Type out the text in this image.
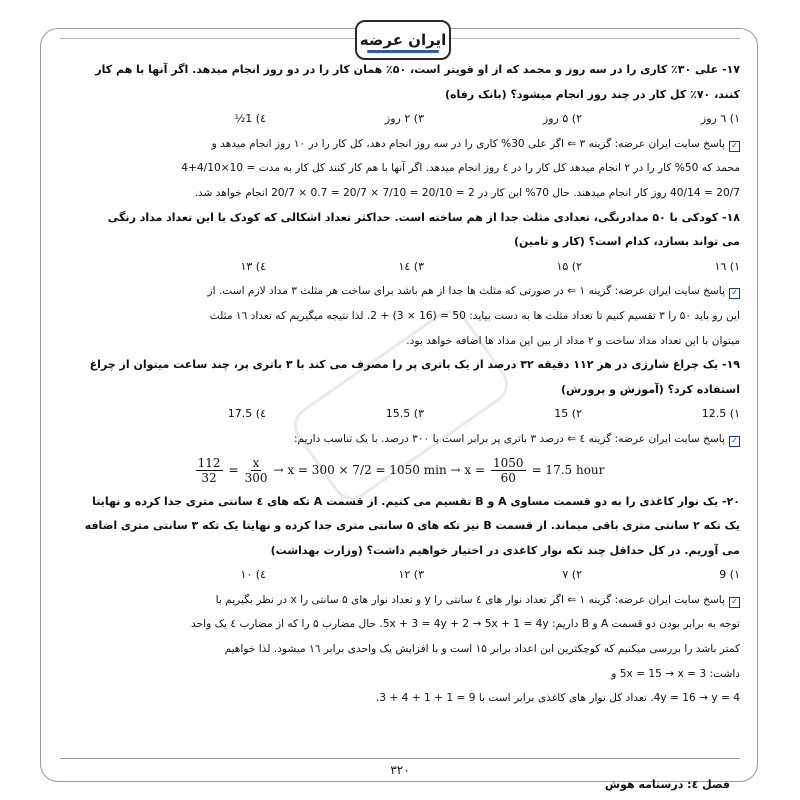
ایران عرضه
۱۷- علی ۳۰٪ کاری را در سه روز و محمد که از او قویتر است، ۵۰٪ همان کار را در دو روز انجام میدهد. اگر آنها با هم کار
کنند، ۷۰٪ کل کار در چند روز انجام میشود؟ (بانک رفاه)
۱) ٦ روز
۲) ۵ روز
۳) ۲ روز
٤) 1½
✓پاسخ سایت ایران عرضه: گزینه ۳ ⇐ اگر علی 30% کاری را در سه روز انجام دهد، کل کار را در ۱۰ روز انجام میدهد و
محمد که 50% کار را در ۲ انجام میدهد کل کار را در ٤ روز انجام میدهد. اگر آنها با هم کار کنند کل کار به مدت = 10×4/10+4
20/7 = 40/14 روز کار انجام میدهند. حال 70% این کار در 2 = 20/10 = 7/10 × 20/7 = 0.7 × 20/7 انجام خواهد شد.
۱۸- کودکی با ۵۰ مدادرنگی، تعدادی مثلث جدا از هم ساخته است. حداکثر تعداد اشکالی که کودک با این تعداد مداد رنگی
می تواند بسازد، کدام است؟ (کار و تامین)
۱) ۱٦
۲) ۱۵
۳) ۱٤
٤) ۱۳
✓پاسخ سایت ایران عرضه: گزینه ۱ ⇐ در صورتی که مثلث ها جدا از هم باشد برای ساخت هر مثلث ۳ مداد لازم است. از
این رو باید ۵۰ را ۳ تقسیم کنیم تا تعداد مثلث ها به دست بیاید: 50 = (16 × 3) + 2. لذا نتیجه میگیریم که تعداد ۱٦ مثلث
میتوان با این تعداد مداد ساخت و ۲ مداد از بین این مداد ها اضافه خواهد بود.
۱۹- یک چراغ شارژی در هر ۱۱۲ دقیقه ۳۲ درصد از یک باتری پر را مصرف می کند با ۳ باتری پر، چند ساعت میتوان از چراغ
استفاده کرد؟ (آموزش و پرورش)
۱) 12.5
۲) 15
۳) 15.5
٤) 17.5
✓پاسخ سایت ایران عرضه: گزینه ٤ ⇐ درصد ۳ باتری پر برابر است با ۳۰۰ درصد. با یک تناسب داریم:
$\frac{112}{32} = \frac{x}{300} \to x = 300 \times 7/2 = 1050$ $\min \to x = \frac{1050}{60} = 17.5$ hour
۲۰- یک نوار کاغذی را به دو قسمت مساوی A و B تقسیم می کنیم. از قسمت A تکه های ٤ سانتی متری جدا کرده و نهایتا
یک تکه ۲ سانتی متری باقی میماند. از قسمت B نیز تکه های ۵ سانتی متری جدا کرده و نهایتا یک تکه ۳ سانتی متری اضافه
می آوریم. در کل حداقل چند تکه نوار کاغذی در اختیار خواهیم داشت؟ (وزارت بهداشت)
۱) 9
۲) ۷
۳) ۱۲
٤) ۱۰
✓پاسخ سایت ایران عرضه: گزینه ۱ ⇐ اگر تعداد نوار های ٤ سانتی را y و تعداد نوار های ۵ سانتی را x در نظر بگیریم با
توجه به برابر بودن دو قسمت A و B داریم: 5x + 3 = 4y + 2 → 5x + 1 = 4y. حال مضارب ۵ را که از مضارب ٤ یک واحد
کمتر باشد را بررسی میکنیم که کوچکترین این اعداد برابر ۱۵ است و با افزایش یک واحدی برابر ۱٦ میشود. لذا خواهیم
داشت: 5x = 15 → x = 3 و
4y = 16 → y = 4. تعداد کل نوار های کاغذی برابر است با 9 = 1 + 1 + 4 + 3.
۳۲۰
فصل ٤: درسنامه هوش
